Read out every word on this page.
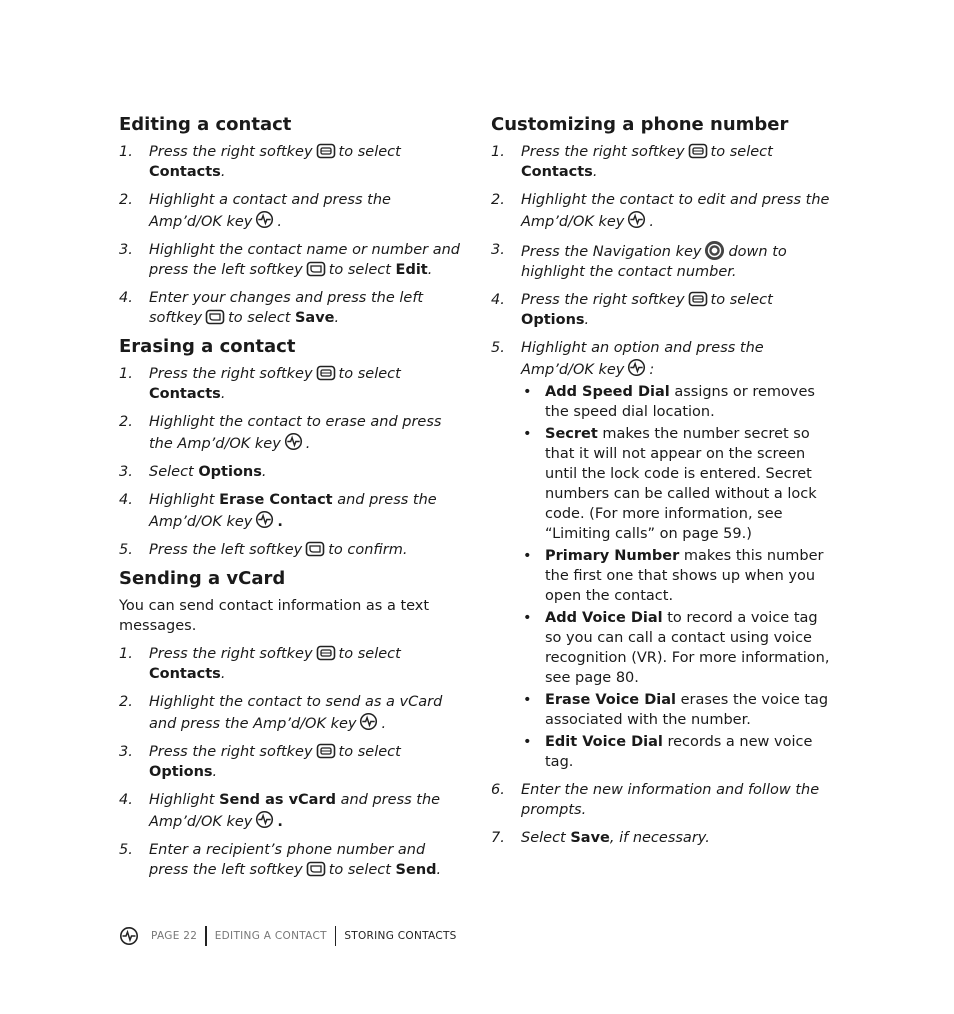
Editing a contact
1. Press the right softkey to select Contacts.
2. Highlight a contact and press the Amp’d/OK key .
3. Highlight the contact name or number and press the left softkey to select Edit.
4. Enter your changes and press the left softkey to select Save.
Erasing a contact
1. Press the right softkey to select Contacts.
2. Highlight the contact to erase and press the Amp’d/OK key .
3. Select Options.
4. Highlight Erase Contact and press the Amp’d/OK key .
5. Press the left softkey to confirm.
Sending a vCard

You can send contact information as a text messages.

1. Press the right softkey to select Contacts.
2. Highlight the contact to send as a vCard and press the Amp’d/OK key .
3. Press the right softkey to select Options.
4. Highlight Send as vCard and press the Amp’d/OK key .
5. Enter a recipient’s phone number and press the left softkey to select Send.
Customizing a phone number
1. Press the right softkey to select Contacts.
2. Highlight the contact to edit and press the Amp’d/OK key .
3. Press the Navigation key down to highlight the contact number.
4. Press the right softkey to select Options.
5. Highlight an option and press the Amp’d/OK key :
• Add Speed Dial assigns or removes the speed dial location.
• Secret makes the number secret so that it will not appear on the screen until the lock code is entered. Secret numbers can be called without a lock code. (For more information, see “Limiting calls” on page 59.)
• Primary Number makes this number the first one that shows up when you open the contact.
• Add Voice Dial to record a voice tag so you can call a contact using voice recognition (VR). For more information, see page 80.
• Erase Voice Dial erases the voice tag associated with the number.
• Edit Voice Dial records a new voice tag.
6. Enter the new information and follow the prompts.
7. Select Save, if necessary.
PAGE 22 EDITING A CONTACT STORING CONTACTS
